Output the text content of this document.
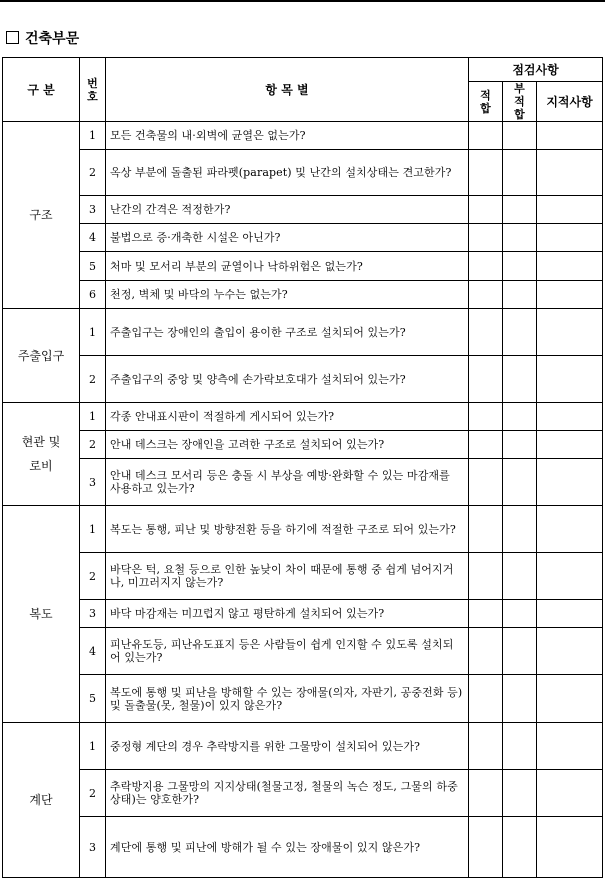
건축부문
구 분	번호	항 목 별	점검사항		
			적합	부적합	지적사항
구조	1	모든 건축물의 내·외벽에 균열은 없는가?			
	2	옥상 부분에 돌출된 파라펫(parapet) 및 난간의 설치상태는 견고한가?			
	3	난간의 간격은 적정한가?			
	4	불법으로 증·개축한 시설은 아닌가?			
	5	처마 및 모서리 부분의 균열이나 낙하위험은 없는가?			
	6	천정, 벽체 및 바닥의 누수는 없는가?			
주출입구	1	주출입구는 장애인의 출입이 용이한 구조로 설치되어 있는가?			
	2	주출입구의 중앙 및 양측에 손가락보호대가 설치되어 있는가?			

현관 및
로비	1	각종 안내표시판이 적절하게 게시되어 있는가?			
	2	안내 데스크는 장애인을 고려한 구조로 설치되어 있는가?			
	3	안내 데스크 모서리 등은 충돌 시 부상을 예방·완화할 수 있는 마감재를 사용하고 있는가?			
복도	1	복도는 통행, 피난 및 방향전환 등을 하기에 적절한 구조로 되어 있는가?			
	2	바닥은 턱, 요철 등으로 인한 높낮이 차이 때문에 통행 중 쉽게 넘어지거나, 미끄러지지 않는가?			
	3	바닥 마감재는 미끄럽지 않고 평탄하게 설치되어 있는가?			
	4	피난유도등, 피난유도표지 등은 사람들이 쉽게 인지할 수 있도록 설치되어 있는가?			
	5	복도에 통행 및 피난을 방해할 수 있는 장애물(의자, 자판기, 공중전화 등) 및 돌출물(못, 철물)이 있지 않은가?			
계단	1	중정형 계단의 경우 추락방지를 위한 그물망이 설치되어 있는가?			
	2	추락방지용 그물망의 지지상태(철물고정, 철물의 녹슨 정도, 그물의 하중상태)는 양호한가?			
	3	계단에 통행 및 피난에 방해가 될 수 있는 장애물이 있지 않은가?			
